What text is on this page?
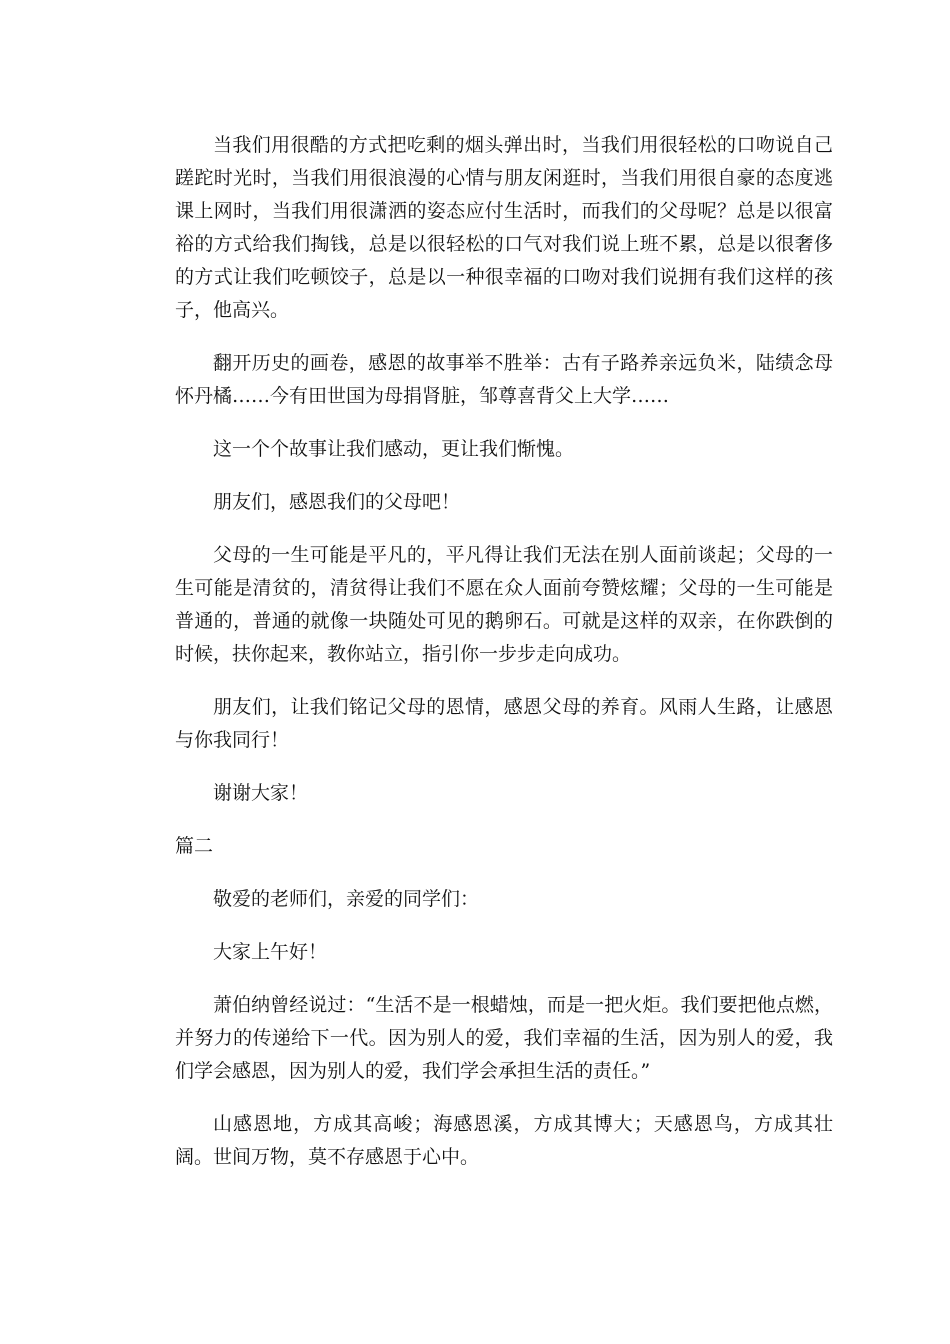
当我们用很酷的方式把吃剩的烟头弹出时，当我们用很轻松的口吻说自己蹉跎时光时，当我们用很浪漫的心情与朋友闲逛时，当我们用很自豪的态度逃课上网时，当我们用很潇洒的姿态应付生活时，而我们的父母呢？总是以很富裕的方式给我们掏钱，总是以很轻松的口气对我们说上班不累，总是以很奢侈的方式让我们吃顿饺子，总是以一种很幸福的口吻对我们说拥有我们这样的孩子，他高兴。

翻开历史的画卷，感恩的故事举不胜举：古有子路养亲远负米，陆绩念母怀丹橘……今有田世国为母捐肾脏，邹尊喜背父上大学……

这一个个故事让我们感动，更让我们惭愧。

朋友们，感恩我们的父母吧！

父母的一生可能是平凡的，平凡得让我们无法在别人面前谈起；父母的一生可能是清贫的，清贫得让我们不愿在众人面前夸赞炫耀；父母的一生可能是普通的，普通的就像一块随处可见的鹅卵石。可就是这样的双亲，在你跌倒的时候，扶你起来，教你站立，指引你一步步走向成功。

朋友们，让我们铭记父母的恩情，感恩父母的养育。风雨人生路，让感恩与你我同行！

谢谢大家！

篇二

敬爱的老师们，亲爱的同学们：

大家上午好！

萧伯纳曾经说过：“生活不是一根蜡烛，而是一把火炬。我们要把他点燃，并努力的传递给下一代。因为别人的爱，我们幸福的生活，因为别人的爱，我们学会感恩，因为别人的爱，我们学会承担生活的责任。”

山感恩地，方成其高峻；海感恩溪，方成其博大；天感恩鸟，方成其壮阔。世间万物，莫不存感恩于心中。
